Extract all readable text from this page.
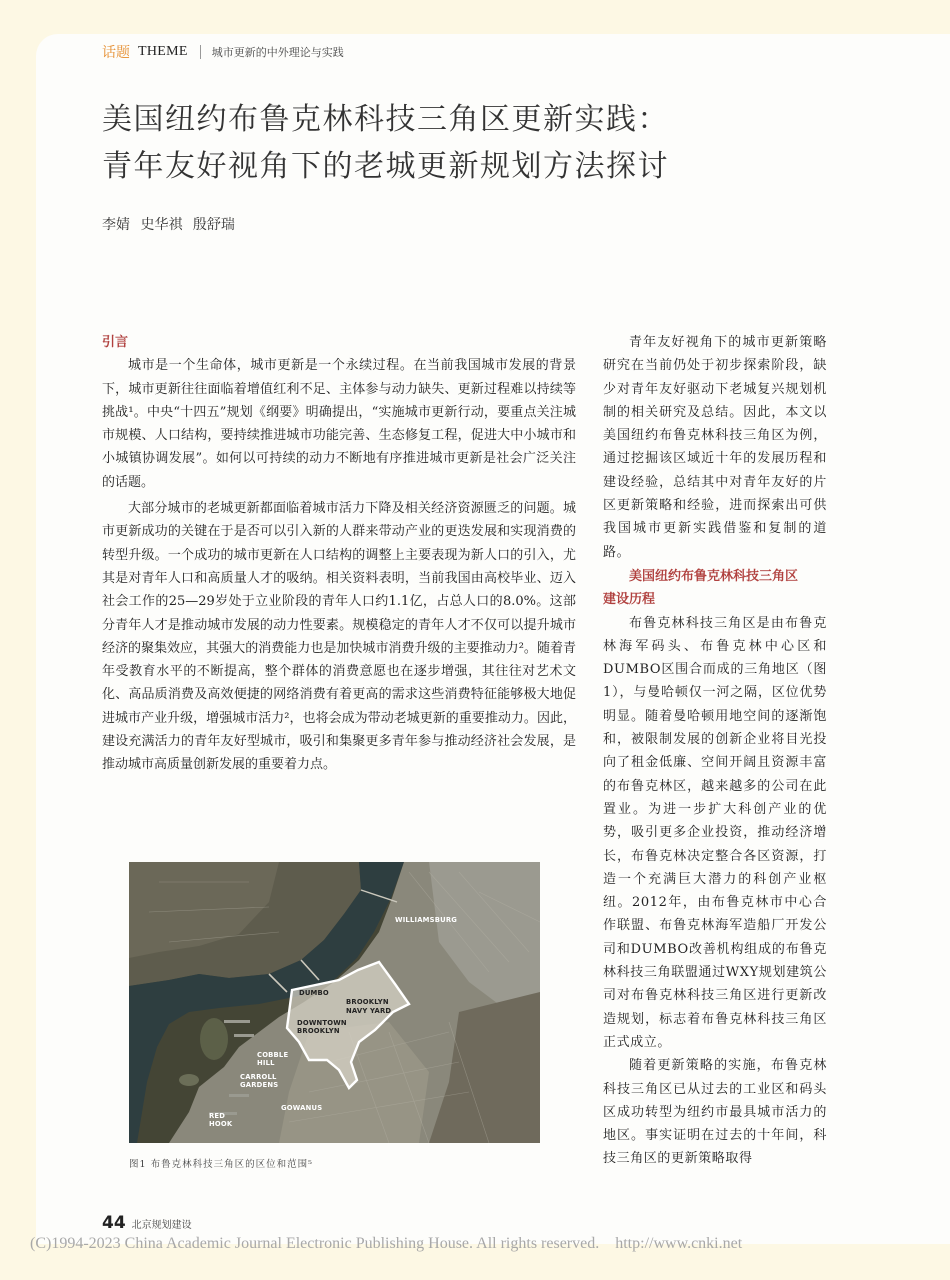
话题 THEME 城市更新的中外理论与实践
美国纽约布鲁克林科技三角区更新实践：
青年友好视角下的老城更新规划方法探讨
李婧 史华祺 殷舒瑞

引言

城市是一个生命体，城市更新是一个永续过程。在当前我国城市发展的背景下，城市更新往往面临着增值红利不足、主体参与动力缺失、更新过程难以持续等挑战¹。中央“十四五”规划《纲要》明确提出，“实施城市更新行动，要重点关注城市规模、人口结构，要持续推进城市功能完善、生态修复工程，促进大中小城市和小城镇协调发展”。如何以可持续的动力不断地有序推进城市更新是社会广泛关注的话题。

大部分城市的老城更新都面临着城市活力下降及相关经济资源匮乏的问题。城市更新成功的关键在于是否可以引入新的人群来带动产业的更迭发展和实现消费的转型升级。一个成功的城市更新在人口结构的调整上主要表现为新人口的引入，尤其是对青年人口和高质量人才的吸纳。相关资料表明，当前我国由高校毕业、迈入社会工作的25—29岁处于立业阶段的青年人口约1.1亿，占总人口的8.0%。这部分青年人才是推动城市发展的动力性要素。规模稳定的青年人才不仅可以提升城市经济的聚集效应，其强大的消费能力也是加快城市消费升级的主要推动力²。随着青年受教育水平的不断提高，整个群体的消费意愿也在逐步增强，其往往对艺术文化、高品质消费及高效便捷的网络消费有着更高的需求这些消费特征能够极大地促进城市产业升级，增强城市活力²，也将会成为带动老城更新的重要推动力。因此，建设充满活力的青年友好型城市，吸引和集聚更多青年参与推动经济社会发展，是推动城市高质量创新发展的重要着力点。

青年友好视角下的城市更新策略研究在当前仍处于初步探索阶段，缺少对青年友好驱动下老城复兴规划机制的相关研究及总结。因此，本文以美国纽约布鲁克林科技三角区为例，通过挖掘该区域近十年的发展历程和建设经验，总结其中对青年友好的片区更新策略和经验，进而探索出可供我国城市更新实践借鉴和复制的道路。

美国纽约布鲁克林科技三角区

建设历程

布鲁克林科技三角区是由布鲁克林海军码头、布鲁克林中心区和DUMBO区围合而成的三角地区（图1），与曼哈顿仅一河之隔，区位优势明显。随着曼哈顿用地空间的逐渐饱和，被限制发展的创新企业将目光投向了租金低廉、空间开阔且资源丰富的布鲁克林区，越来越多的公司在此置业。为进一步扩大科创产业的优势，吸引更多企业投资，推动经济增长，布鲁克林决定整合各区资源，打造一个充满巨大潜力的科创产业枢纽。2012年，由布鲁克林市中心合作联盟、布鲁克林海军造船厂开发公司和DUMBO改善机构组成的布鲁克林科技三角联盟通过WXY规划建筑公司对布鲁克林科技三角区进行更新改造规划，标志着布鲁克林科技三角区正式成立。

随着更新策略的实施，布鲁克林科技三角区已从过去的工业区和码头区成功转型为纽约市最具城市活力的地区。事实证明在过去的十年间，科技三角区的更新策略取得

WILLIAMSBURG
DUMBO
BROOKLYN
NAVY YARD
DOWNTOWN
BROOKLYN
COBBLE
HILL
CARROLL
GARDENS
GOWANUS
RED
HOOK
图1 布鲁克林科技三角区的区位和范围⁵
44 北京规划建设
(C)1994-2023 China Academic Journal Electronic Publishing House. All rights reserved.    http://www.cnki.net
